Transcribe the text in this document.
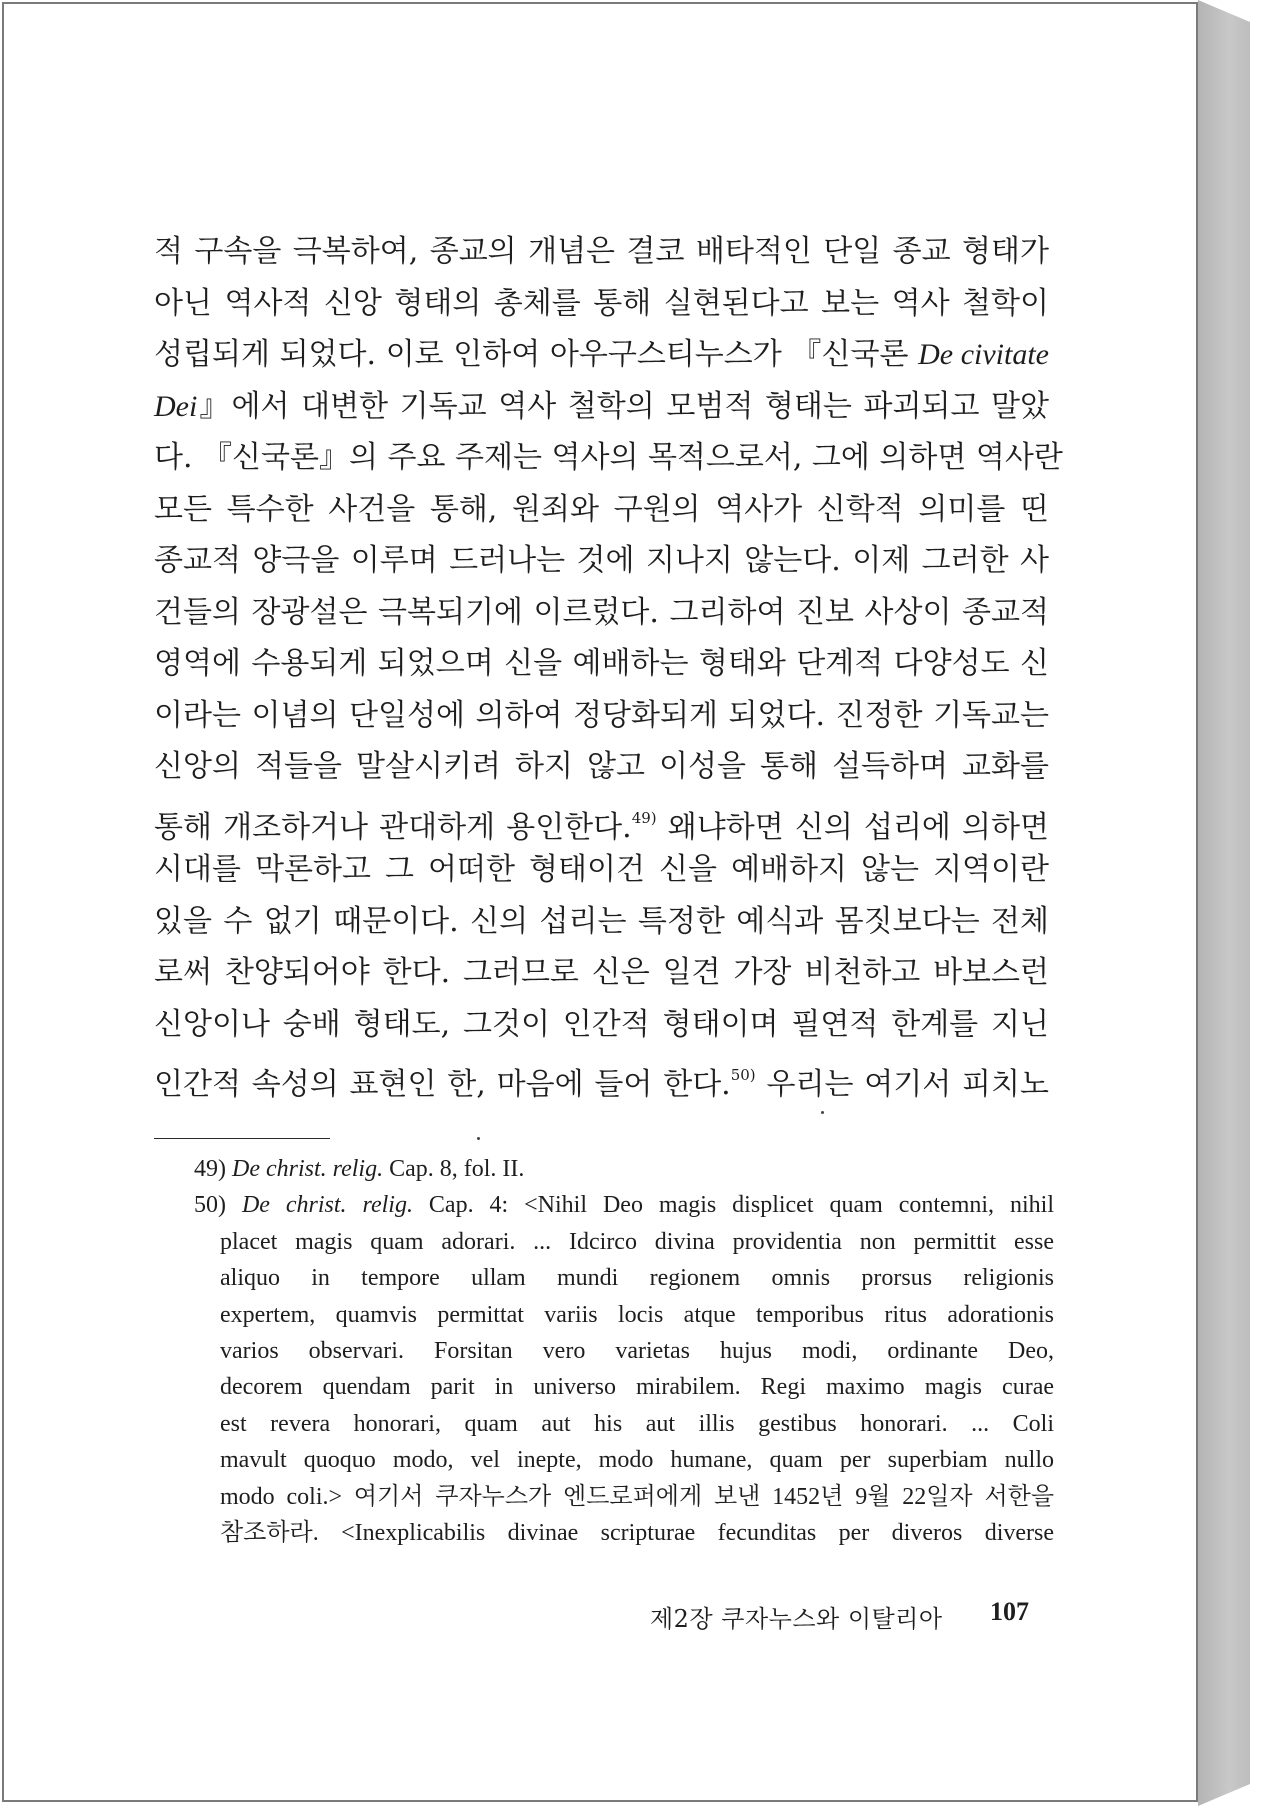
적 구속을 극복하여, 종교의 개념은 결코 배타적인 단일 종교 형태가
아닌 역사적 신앙 형태의 총체를 통해 실현된다고 보는 역사 철학이
성립되게 되었다. 이로 인하여 아우구스티누스가 『신국론 De civitate
Dei』에서 대변한 기독교 역사 철학의 모범적 형태는 파괴되고 말았
다. 『신국론』의 주요 주제는 역사의 목적으로서, 그에 의하면 역사란
모든 특수한 사건을 통해, 원죄와 구원의 역사가 신학적 의미를 띤
종교적 양극을 이루며 드러나는 것에 지나지 않는다. 이제 그러한 사
건들의 장광설은 극복되기에 이르렀다. 그리하여 진보 사상이 종교적
영역에 수용되게 되었으며 신을 예배하는 형태와 단계적 다양성도 신
이라는 이념의 단일성에 의하여 정당화되게 되었다. 진정한 기독교는
신앙의 적들을 말살시키려 하지 않고 이성을 통해 설득하며 교화를
통해 개조하거나 관대하게 용인한다.$^{49)}$ 왜냐하면 신의 섭리에 의하면
시대를 막론하고 그 어떠한 형태이건 신을 예배하지 않는 지역이란
있을 수 없기 때문이다. 신의 섭리는 특정한 예식과 몸짓보다는 전체
로써 찬양되어야 한다. 그러므로 신은 일견 가장 비천하고 바보스런
신앙이나 숭배 형태도, 그것이 인간적 형태이며 필연적 한계를 지닌
인간적 속성의 표현인 한, 마음에 들어 한다.$^{50)}$ 우리는 여기서 피치노
49) De christ. relig. Cap. 8, fol. II.
50) De christ. relig. Cap. 4: <Nihil Deo magis displicet quam contemni, nihil
placet magis quam adorari. ... Idcirco divina providentia non permittit esse
aliquo in tempore ullam mundi regionem omnis prorsus religionis
expertem, quamvis permittat variis locis atque temporibus ritus adorationis
varios observari. Forsitan vero varietas hujus modi, ordinante Deo,
decorem quendam parit in universo mirabilem. Regi maximo magis curae
est revera honorari, quam aut his aut illis gestibus honorari. ... Coli
mavult quoquo modo, vel inepte, modo humane, quam per superbiam nullo
modo coli.> 여기서 쿠자누스가 엔드로퍼에게 보낸 1452년 9월 22일자 서한을
참조하라. <Inexplicabilis divinae scripturae fecunditas per diveros diverse
제2장 쿠자누스와 이탈리아	107
